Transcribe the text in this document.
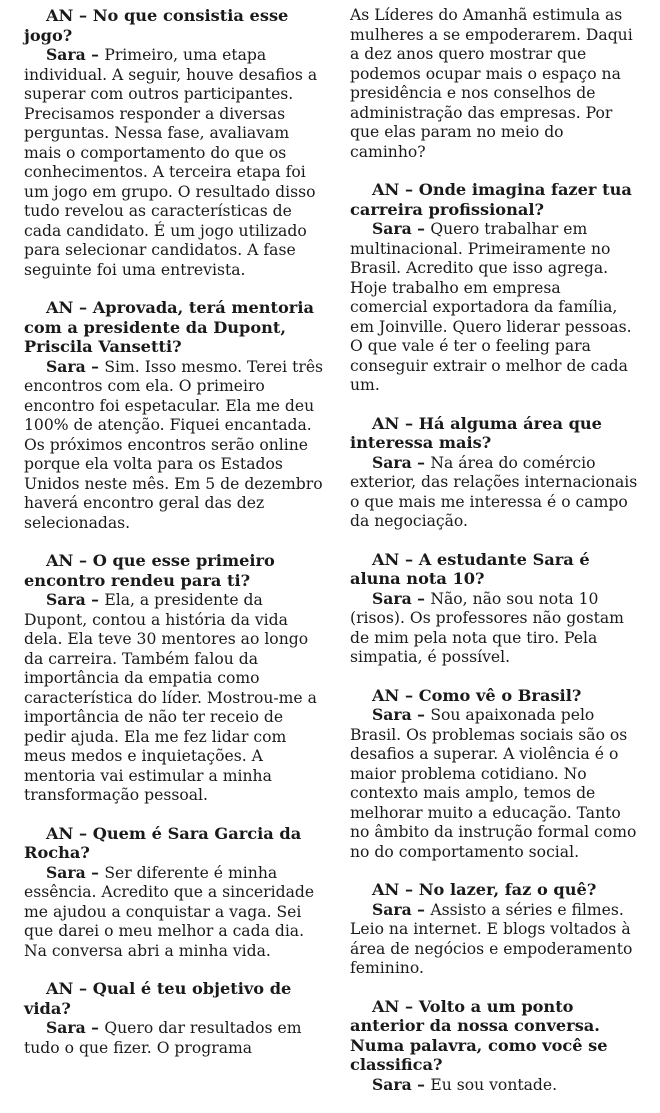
AN – No que consistia esse jogo?

Sara – Primeiro, uma etapa individual. A seguir, houve desafios a superar com outros participantes. Precisamos responder a diversas perguntas. Nessa fase, avaliavam mais o comportamento do que os conhecimentos. A terceira etapa foi um jogo em grupo. O resultado disso tudo revelou as características de cada candidato. É um jogo utilizado para selecionar candidatos. A fase seguinte foi uma entrevista.

AN – Aprovada, terá mentoria com a presidente da Dupont, Priscila Vansetti?

Sara – Sim. Isso mesmo. Terei três encontros com ela. O primeiro encontro foi espetacular. Ela me deu 100% de atenção. Fiquei encantada. Os próximos encontros serão online porque ela volta para os Estados Unidos neste mês. Em 5 de dezembro haverá encontro geral das dez selecionadas.

AN – O que esse primeiro encontro rendeu para ti?

Sara – Ela, a presidente da Dupont, contou a história da vida dela. Ela teve 30 mentores ao longo da carreira. Também falou da importância da empatia como característica do líder. Mostrou-me a importância de não ter receio de pedir ajuda. Ela me fez lidar com meus medos e inquietações. A mentoria vai estimular a minha transformação pessoal.

AN – Quem é Sara Garcia da Rocha?

Sara – Ser diferente é minha essência. Acredito que a sinceridade me ajudou a conquistar a vaga. Sei que darei o meu melhor a cada dia. Na conversa abri a minha vida.

AN – Qual é teu objetivo de vida?

Sara – Quero dar resultados em tudo o que fizer. O programa

As Líderes do Amanhã estimula as mulheres a se empoderarem. Daqui a dez anos quero mostrar que podemos ocupar mais o espaço na presidência e nos conselhos de administração das empresas. Por que elas param no meio do caminho?

AN – Onde imagina fazer tua carreira profissional?

Sara – Quero trabalhar em multinacional. Primeiramente no Brasil. Acredito que isso agrega. Hoje trabalho em empresa comercial exportadora da família, em Joinville. Quero liderar pessoas. O que vale é ter o feeling para conseguir extrair o melhor de cada um.

AN – Há alguma área que interessa mais?

Sara – Na área do comércio exterior, das relações internacionais o que mais me interessa é o campo da negociação.

AN – A estudante Sara é aluna nota 10?

Sara – Não, não sou nota 10 (risos). Os professores não gostam de mim pela nota que tiro. Pela simpatia, é possível.

AN – Como vê o Brasil?

Sara – Sou apaixonada pelo Brasil. Os problemas sociais são os desafios a superar. A violência é o maior problema cotidiano. No contexto mais amplo, temos de melhorar muito a educação. Tanto no âmbito da instrução formal como no do comportamento social.

AN – No lazer, faz o quê?

Sara – Assisto a séries e filmes. Leio na internet. E blogs voltados à área de negócios e empoderamento feminino.

AN – Volto a um ponto anterior da nossa conversa. Numa palavra, como você se classifica?

Sara – Eu sou vontade.
